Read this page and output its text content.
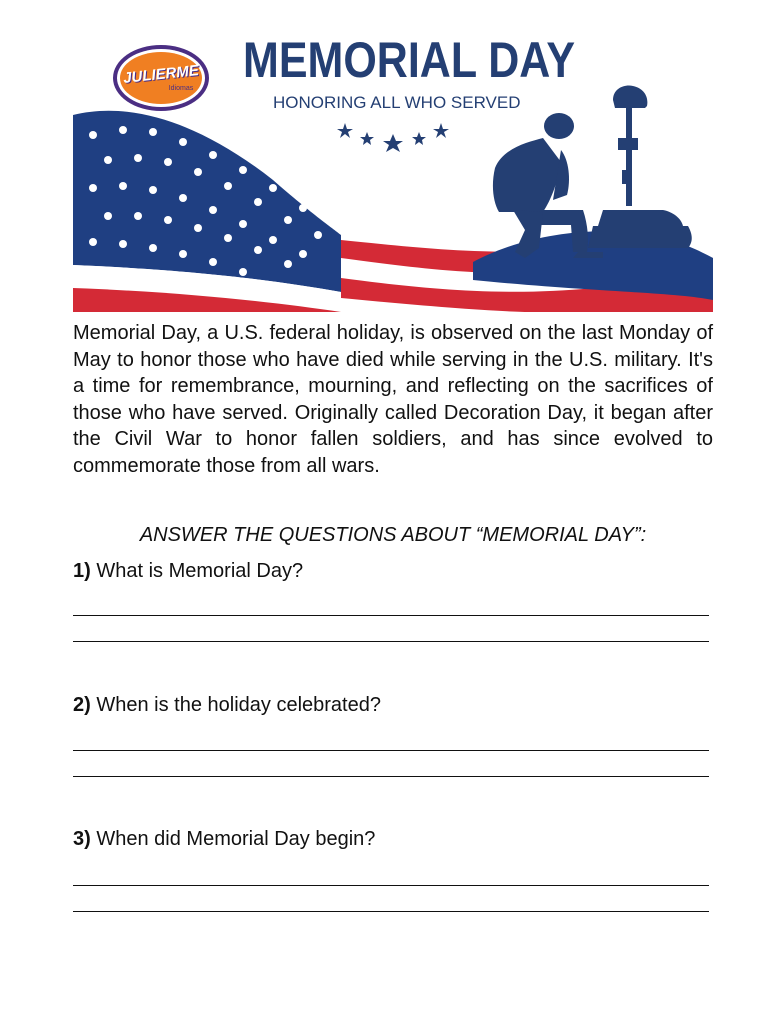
JULIERME
Idiomas
MEMORIAL DAY
HONORING ALL WHO SERVED

Memorial Day, a U.S. federal holiday, is observed on the last Monday of May to honor those who have died while serving in the U.S. military. It's a time for remembrance, mourning, and reflecting on the sacrifices of those who have served. Originally called Decoration Day, it began after the Civil War to honor fallen soldiers, and has since evolved to commemorate those from all wars.

ANSWER THE QUESTIONS ABOUT “MEMORIAL DAY”:

1) What is Memorial Day?

2) When is the holiday celebrated?

3) When did Memorial Day begin?
